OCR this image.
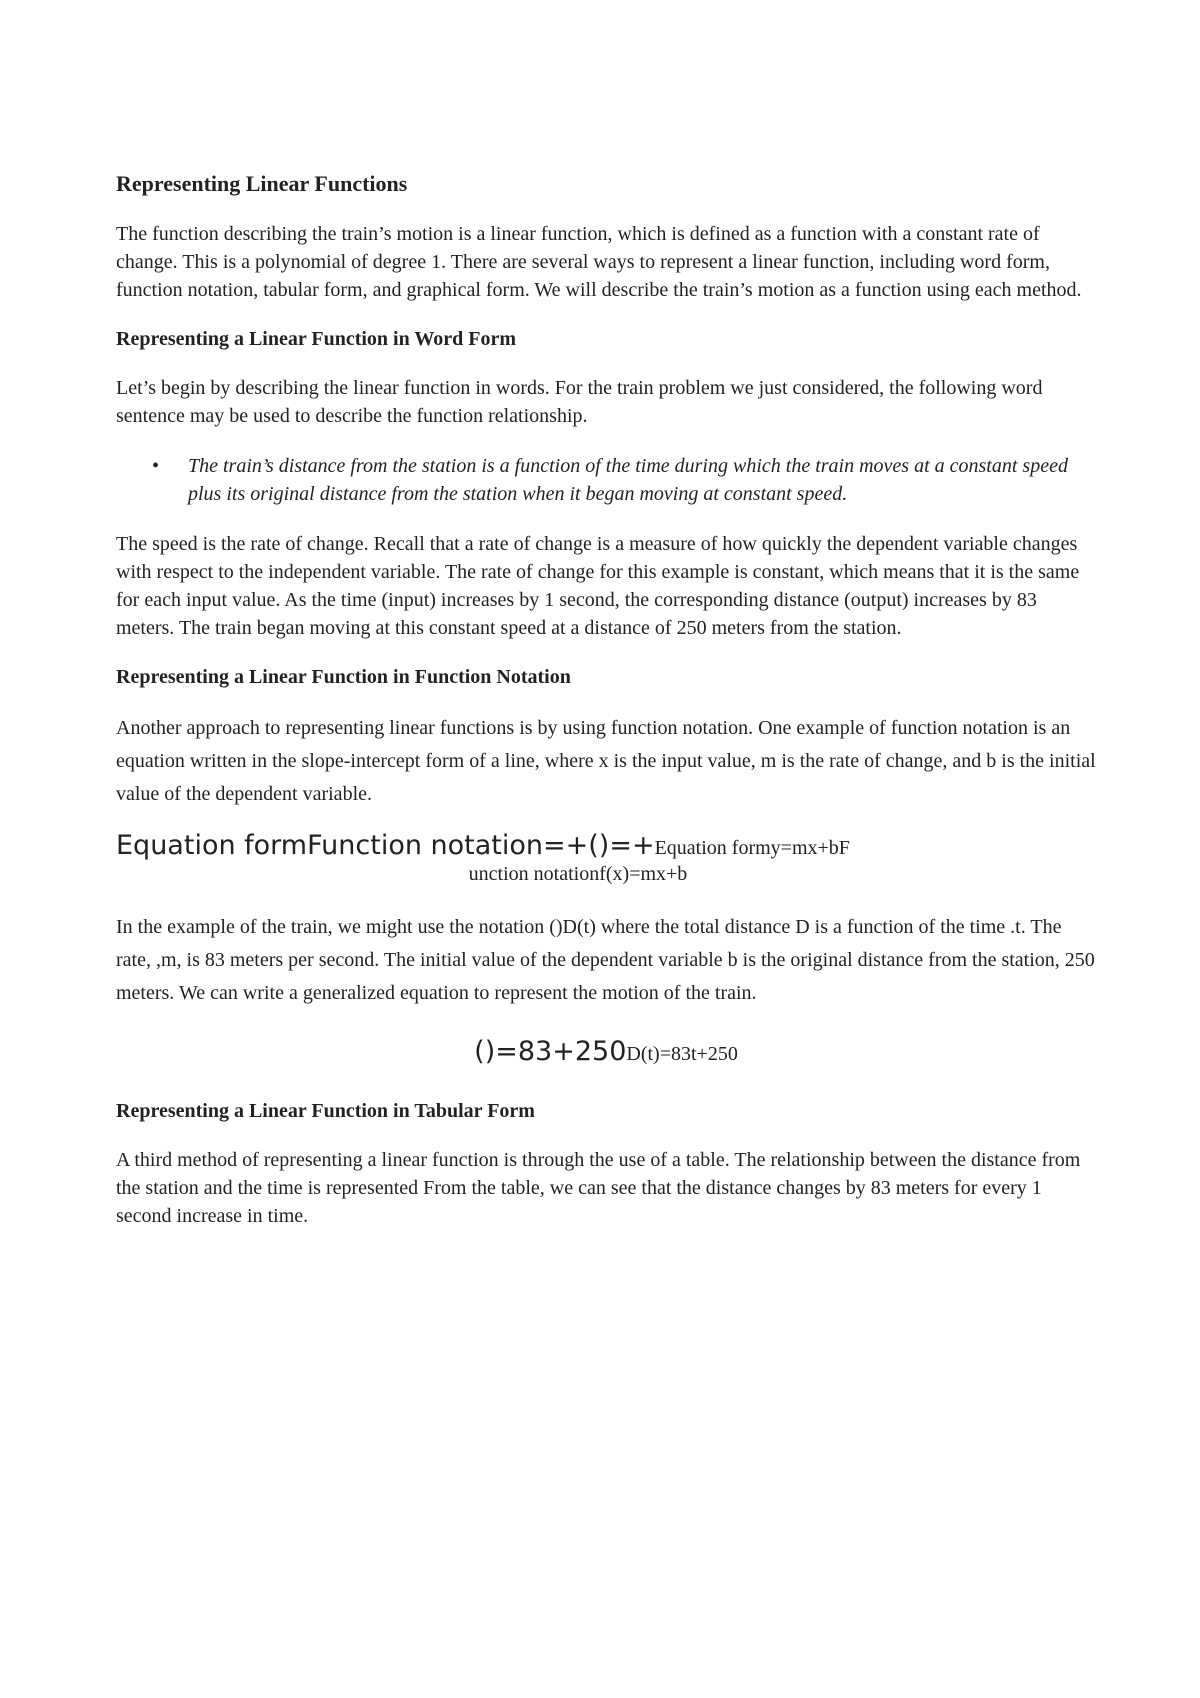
Representing Linear Functions

The function describing the train’s motion is a linear function, which is defined as a function with a constant rate of change. This is a polynomial of degree 1. There are several ways to represent a linear function, including word form, function notation, tabular form, and graphical form. We will describe the train’s motion as a function using each method.

Representing a Linear Function in Word Form

Let’s begin by describing the linear function in words. For the train problem we just considered, the following word sentence may be used to describe the function relationship.

• The train’s distance from the station is a function of the time during which the train moves at a constant speed plus its original distance from the station when it began moving at constant speed.

The speed is the rate of change. Recall that a rate of change is a measure of how quickly the dependent variable changes with respect to the independent variable. The rate of change for this example is constant, which means that it is the same for each input value. As the time (input) increases by 1 second, the corresponding distance (output) increases by 83 meters. The train began moving at this constant speed at a distance of 250 meters from the station.

Representing a Linear Function in Function Notation

Another approach to representing linear functions is by using function notation. One example of function notation is an equation written in the slope-intercept form of a line, where x is the input value, m is the rate of change, and b is the initial value of the dependent variable.

Equation formFunction notation=+()=+Equation formy=mx+bF
unction notationf(x)=mx+b

In the example of the train, we might use the notation ()D(t) where the total distance D is a function of the time .t. The rate, ,m, is 83 meters per second. The initial value of the dependent variable b is the original distance from the station, 250 meters. We can write a generalized equation to represent the motion of the train.

()=83+250D(t)=83t+250
Representing a Linear Function in Tabular Form

A third method of representing a linear function is through the use of a table. The relationship between the distance from the station and the time is represented From the table, we can see that the distance changes by 83 meters for every 1 second increase in time.
